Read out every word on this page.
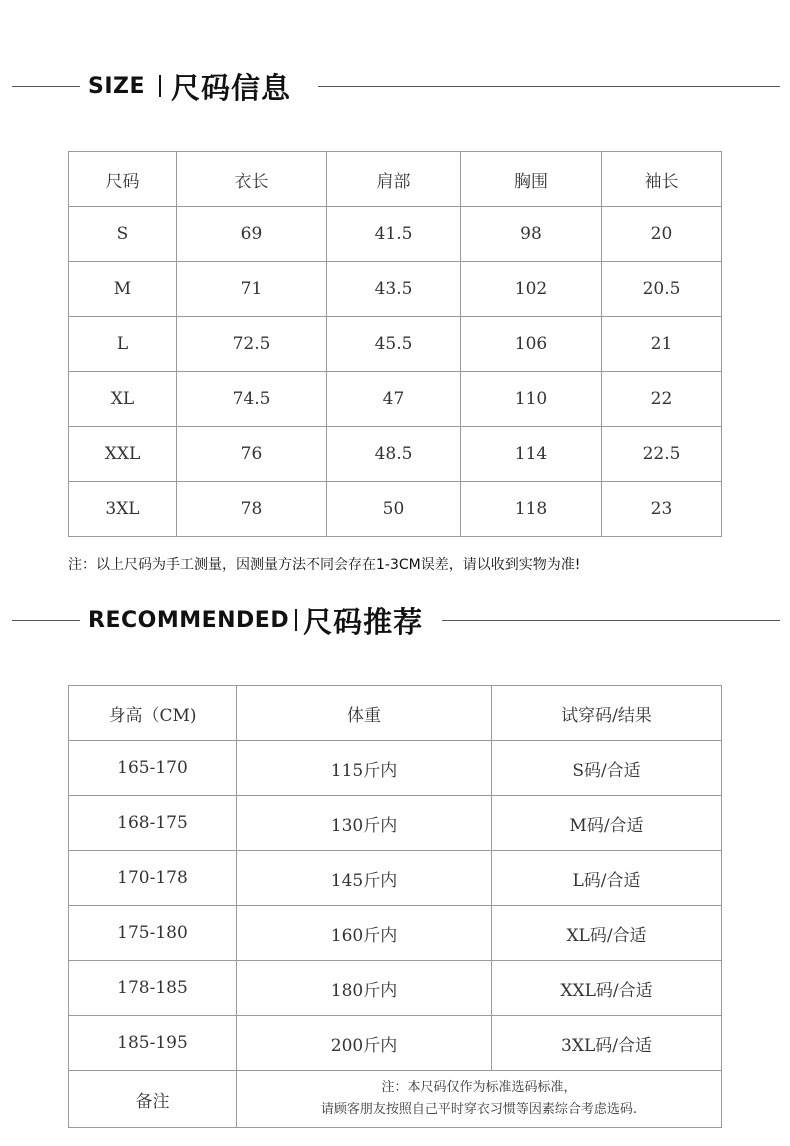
SIZE 尺码信息
尺码	衣长	肩部	胸围	袖长
S	69	41.5	98	20
M	71	43.5	102	20.5
L	72.5	45.5	106	21
XL	74.5	47	110	22
XXL	76	48.5	114	22.5
3XL	78	50	118	23
注：以上尺码为手工测量，因测量方法不同会存在1-3CM误差，请以收到实物为准!
RECOMMENDED 尺码推荐
身高（CM)	体重	试穿码/结果
165-170	115斤内	S码/合适
168-175	130斤内	M码/合适
170-178	145斤内	L码/合适
175-180	160斤内	XL码/合适
178-185	180斤内	XXL码/合适
185-195	200斤内	3XL码/合适
备注	注：本尺码仅作为标准选码标准，
请顾客朋友按照自己平时穿衣习惯等因素综合考虑选码.	
